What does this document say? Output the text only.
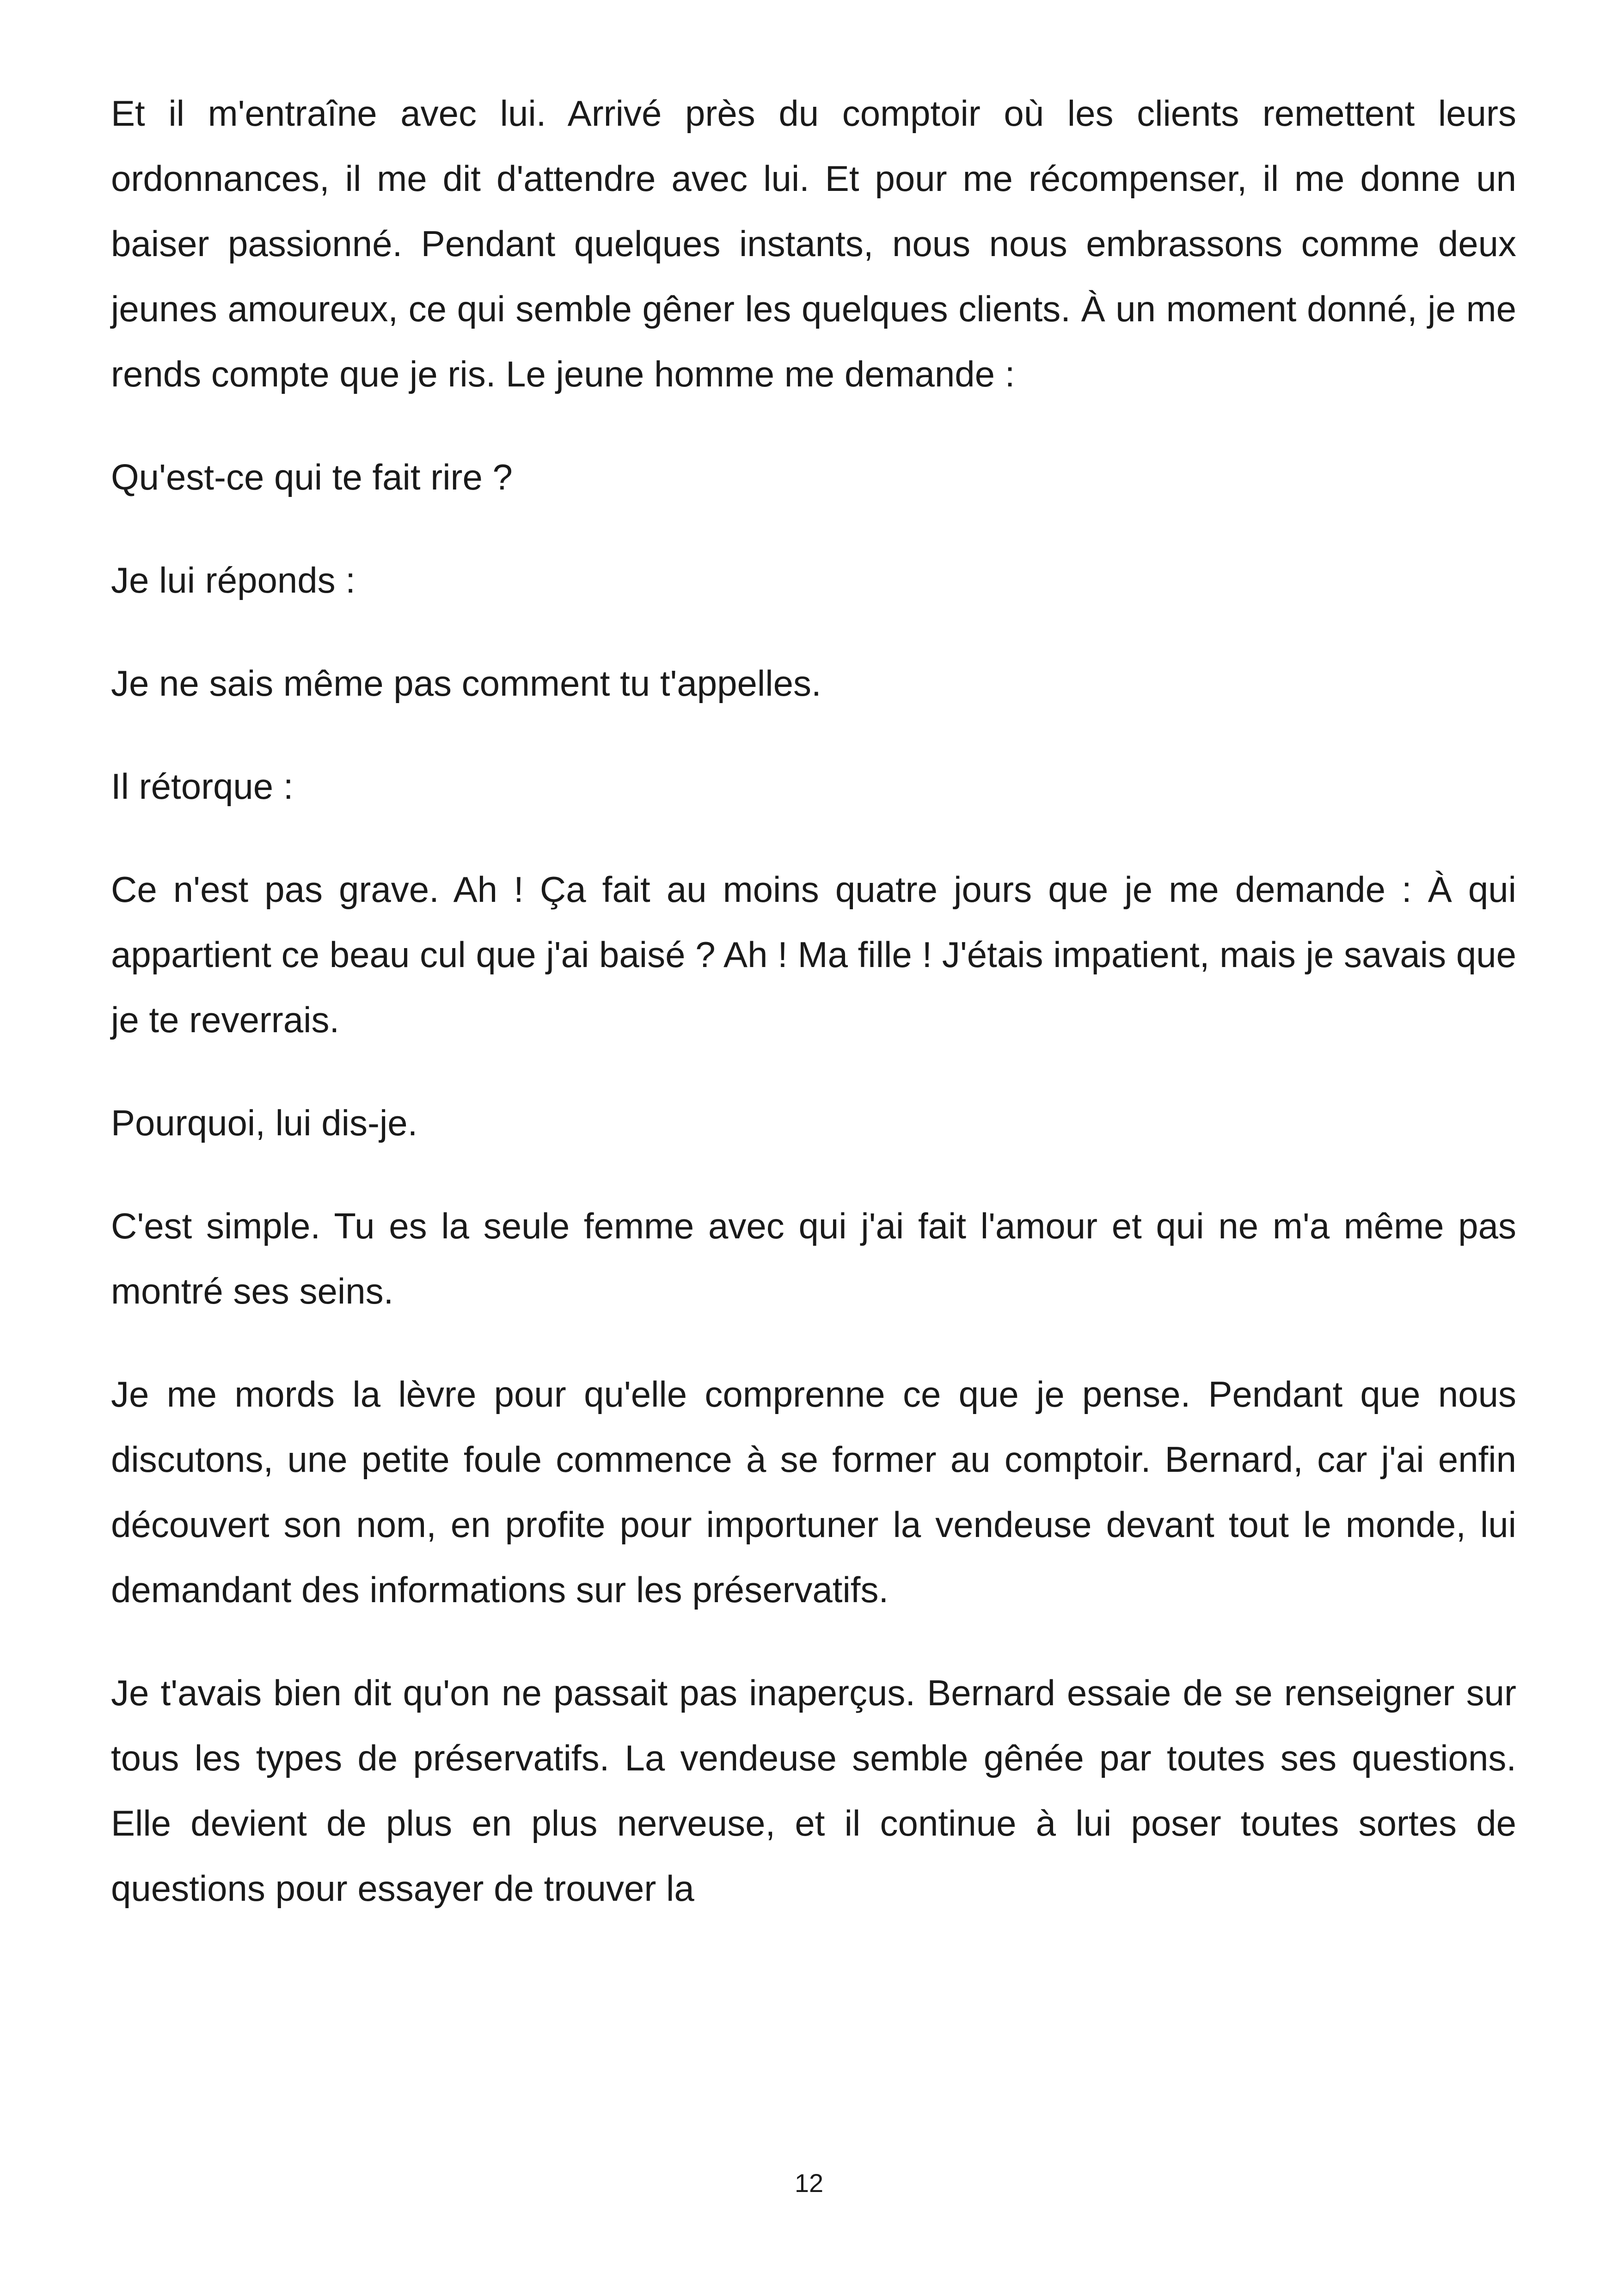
Et il m'entraîne avec lui. Arrivé près du comptoir où les clients remettent leurs ordonnances, il me dit d'attendre avec lui. Et pour me récompenser, il me donne un baiser passionné. Pendant quelques instants, nous nous embrassons comme deux jeunes amoureux, ce qui semble gêner les quelques clients. À un moment donné, je me rends compte que je ris. Le jeune homme me demande :

Qu'est-ce qui te fait rire ?

Je lui réponds :

Je ne sais même pas comment tu t'appelles.

Il rétorque :

Ce n'est pas grave. Ah ! Ça fait au moins quatre jours que je me demande : À qui appartient ce beau cul que j'ai baisé ? Ah ! Ma fille ! J'étais impatient, mais je savais que je te reverrais.

Pourquoi, lui dis-je.

C'est simple. Tu es la seule femme avec qui j'ai fait l'amour et qui ne m'a même pas montré ses seins.

Je me mords la lèvre pour qu'elle comprenne ce que je pense. Pendant que nous discutons, une petite foule commence à se former au comptoir. Bernard, car j'ai enfin découvert son nom, en profite pour importuner la vendeuse devant tout le monde, lui demandant des informations sur les préservatifs.

Je t'avais bien dit qu'on ne passait pas inaperçus. Bernard essaie de se renseigner sur tous les types de préservatifs. La vendeuse semble gênée par toutes ses questions. Elle devient de plus en plus nerveuse, et il continue à lui poser toutes sortes de questions pour essayer de trouver la

12
